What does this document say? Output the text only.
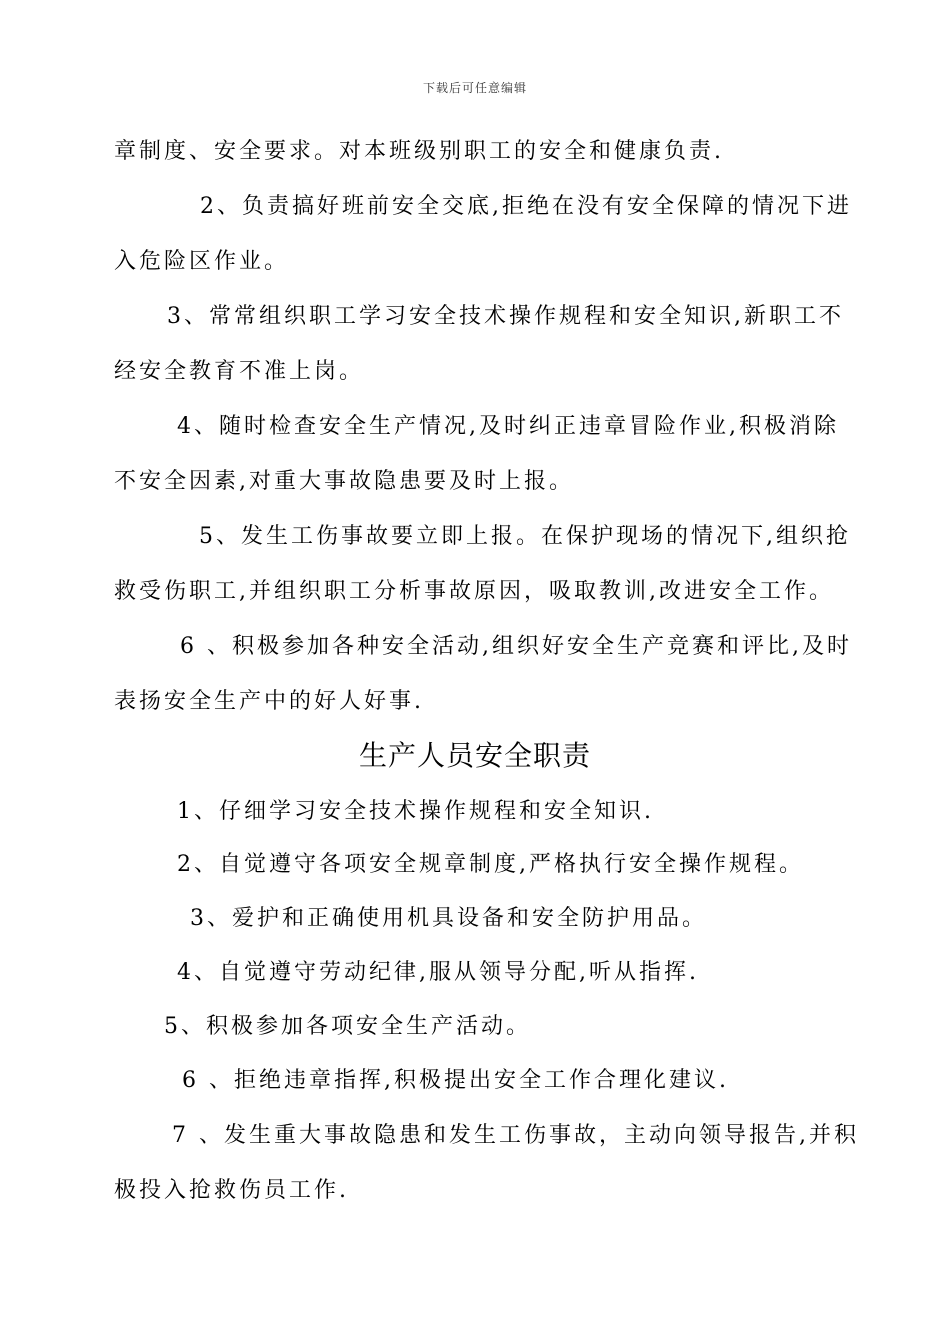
下载后可任意编辑
章制度、安全要求。对本班级别职工的安全和健康负责.
2、负责搞好班前安全交底,拒绝在没有安全保障的情况下进
入危险区作业。
3、常常组织职工学习安全技术操作规程和安全知识,新职工不
经安全教育不准上岗。
4、随时检查安全生产情况,及时纠正违章冒险作业,积极消除
不安全因素,对重大事故隐患要及时上报。
5、发生工伤事故要立即上报。在保护现场的情况下,组织抢
救受伤职工,并组织职工分析事故原因，吸取教训,改进安全工作。
6 、积极参加各种安全活动,组织好安全生产竞赛和评比,及时
表扬安全生产中的好人好事.
生产人员安全职责
1、仔细学习安全技术操作规程和安全知识.
2、自觉遵守各项安全规章制度,严格执行安全操作规程。
3、爱护和正确使用机具设备和安全防护用品。
4、自觉遵守劳动纪律,服从领导分配,听从指挥.
5、积极参加各项安全生产活动。
6 、拒绝违章指挥,积极提出安全工作合理化建议.
7 、发生重大事故隐患和发生工伤事故，主动向领导报告,并积
极投入抢救伤员工作.
